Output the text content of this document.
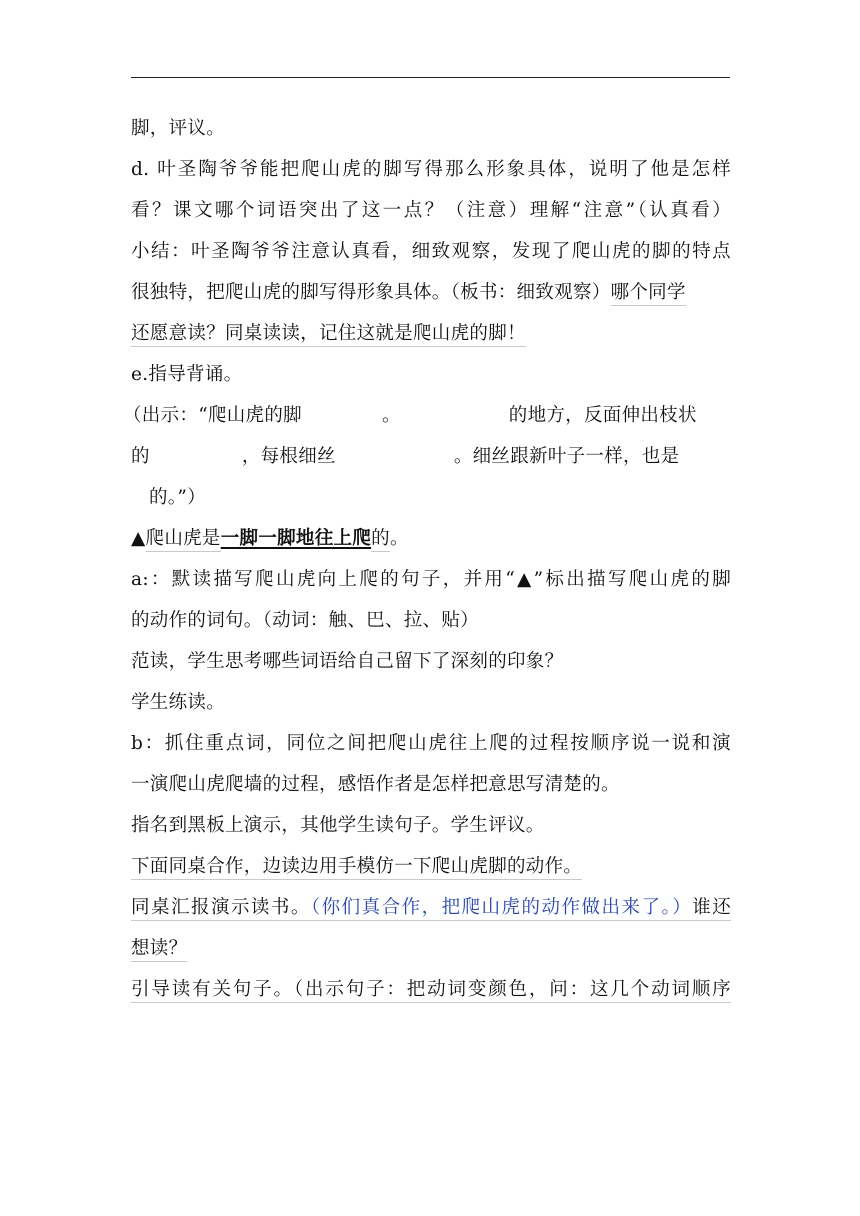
脚，评议。
d. 叶圣陶爷爷能把爬山虎的脚写得那么形象具体，说明了他是怎样
看？课文哪个词语突出了这一点？（注意）理解“注意”（认真看）
小结：叶圣陶爷爷注意认真看，细致观察，发现了爬山虎的脚的特点
很独特，把爬山虎的脚写得形象具体。（板书：细致观察）哪个同学
还愿意读？同桌读读，记住这就是爬山虎的脚！
e.指导背诵。
（出示：“爬山虎的脚	。	的地方，反面伸出枝状
的	，每根细丝	。细丝跟新叶子一样，也是
的。”）
▲爬山虎是一脚一脚地往上爬的。
a:：默读描写爬山虎向上爬的句子，并用“▲”标出描写爬山虎的脚
的动作的词句。（动词：触、巴、拉、贴）
范读，学生思考哪些词语给自己留下了深刻的印象？
学生练读。
b：抓住重点词，同位之间把爬山虎往上爬的过程按顺序说一说和演
一演爬山虎爬墙的过程，感悟作者是怎样把意思写清楚的。
指名到黑板上演示，其他学生读句子。学生评议。
下面同桌合作，边读边用手模仿一下爬山虎脚的动作。
同桌汇报演示读书。（你们真合作，把爬山虎的动作做出来了。）谁还
想读？
引导读有关句子。（出示句子：把动词变颜色，问：这几个动词顺序
